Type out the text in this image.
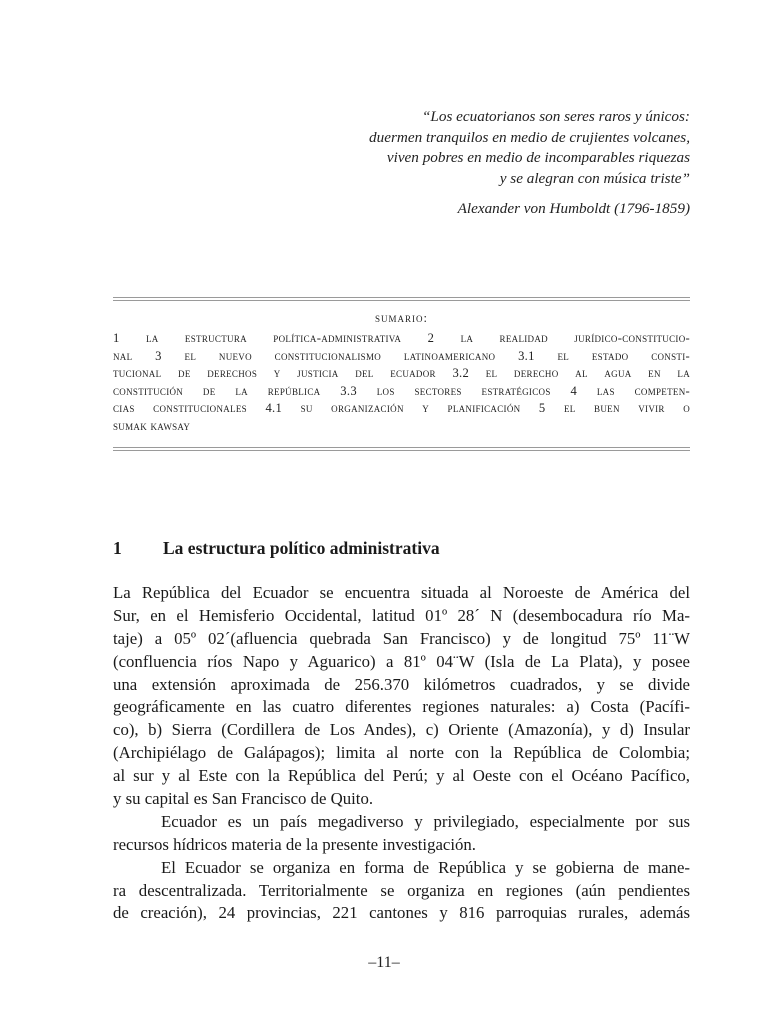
“Los ecuatorianos son seres raros y únicos:
duermen tranquilos en medio de crujientes volcanes,
viven pobres en medio de incomparables riquezas
y se alegran con música triste”
Alexander von Humboldt (1796-1859)
sumario:
1 la estructura política-administrativa 2 la realidad jurídico-constitucio-
nal 3 el nuevo constitucionalismo latinoamericano 3.1 el estado consti-
tucional de derechos y justicia del ecuador 3.2 el derecho al agua en la
constitución de la república 3.3 los sectores estratégicos 4 las competen-
cias constitucionales 4.1 su organización y planificación 5 el buen vivir o
sumak kawsay
1 La estructura político administrativa
La República del Ecuador se encuentra situada al Noroeste de América del
Sur, en el Hemisferio Occidental, latitud 01º 28´ N (desembocadura río Ma-
taje) a 05º 02´(afluencia quebrada San Francisco) y de longitud 75º 11¨W
(confluencia ríos Napo y Aguarico) a 81º 04¨W (Isla de La Plata), y posee
una extensión aproximada de 256.370 kilómetros cuadrados, y se divide
geográficamente en las cuatro diferentes regiones naturales: a) Costa (Pacífi-
co), b) Sierra (Cordillera de Los Andes), c) Oriente (Amazonía), y d) Insular
(Archipiélago de Galápagos); limita al norte con la República de Colombia;
al sur y al Este con la República del Perú; y al Oeste con el Océano Pacífico,
y su capital es San Francisco de Quito.
Ecuador es un país megadiverso y privilegiado, especialmente por sus
recursos hídricos materia de la presente investigación.
El Ecuador se organiza en forma de República y se gobierna de mane-
ra descentralizada. Territorialmente se organiza en regiones (aún pendientes
de creación), 24 provincias, 221 cantones y 816 parroquias rurales, además
–11–
